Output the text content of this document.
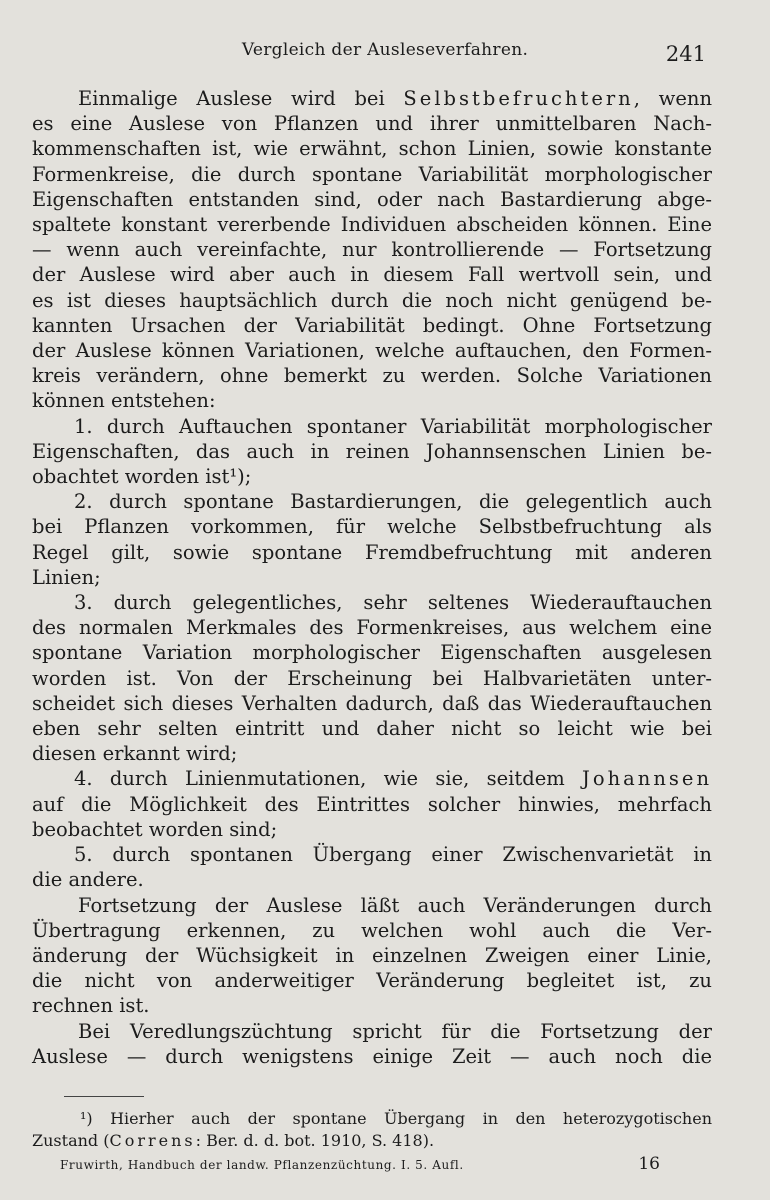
Vergleich der Ausleseverfahren.	241

Einmalige Auslese wird bei Selbstbefruchtern, wenn

es eine Auslese von Pflanzen und ihrer unmittelbaren Nach-

kommenschaften ist, wie erwähnt, schon Linien, sowie konstante

Formenkreise, die durch spontane Variabilität morphologischer

Eigenschaften entstanden sind, oder nach Bastardierung abge-

spaltete konstant vererbende Individuen abscheiden können. Eine

— wenn auch vereinfachte, nur kontrollierende — Fortsetzung

der Auslese wird aber auch in diesem Fall wertvoll sein, und

es ist dieses hauptsächlich durch die noch nicht genügend be-

kannten Ursachen der Variabilität bedingt. Ohne Fortsetzung

der Auslese können Variationen, welche auftauchen, den Formen-

kreis verändern, ohne bemerkt zu werden. Solche Variationen

können entstehen:

1. durch Auftauchen spontaner Variabilität morphologischer

Eigenschaften, das auch in reinen Johannsenschen Linien be-

obachtet worden ist¹);

2. durch spontane Bastardierungen, die gelegentlich auch

bei Pflanzen vorkommen, für welche Selbstbefruchtung als

Regel gilt, sowie spontane Fremdbefruchtung mit anderen

Linien;

3. durch gelegentliches, sehr seltenes Wiederauftauchen

des normalen Merkmales des Formenkreises, aus welchem eine

spontane Variation morphologischer Eigenschaften ausgelesen

worden ist. Von der Erscheinung bei Halbvarietäten unter-

scheidet sich dieses Verhalten dadurch, daß das Wiederauftauchen

eben sehr selten eintritt und daher nicht so leicht wie bei

diesen erkannt wird;

4. durch Linienmutationen, wie sie, seitdem Johannsen

auf die Möglichkeit des Eintrittes solcher hinwies, mehrfach

beobachtet worden sind;

5. durch spontanen Übergang einer Zwischenvarietät in

die andere.

Fortsetzung der Auslese läßt auch Veränderungen durch

Übertragung erkennen, zu welchen wohl auch die Ver-

änderung der Wüchsigkeit in einzelnen Zweigen einer Linie,

die nicht von anderweitiger Veränderung begleitet ist, zu

rechnen ist.

Bei Veredlungszüchtung spricht für die Fortsetzung der

Auslese — durch wenigstens einige Zeit — auch noch die

¹) Hierher auch der spontane Übergang in den heterozygotischen

Zustand (Correns: Ber. d. d. bot. 1910, S. 418).

Fruwirth, Handbuch der landw. Pflanzenzüchtung. I. 5. Aufl.	16
